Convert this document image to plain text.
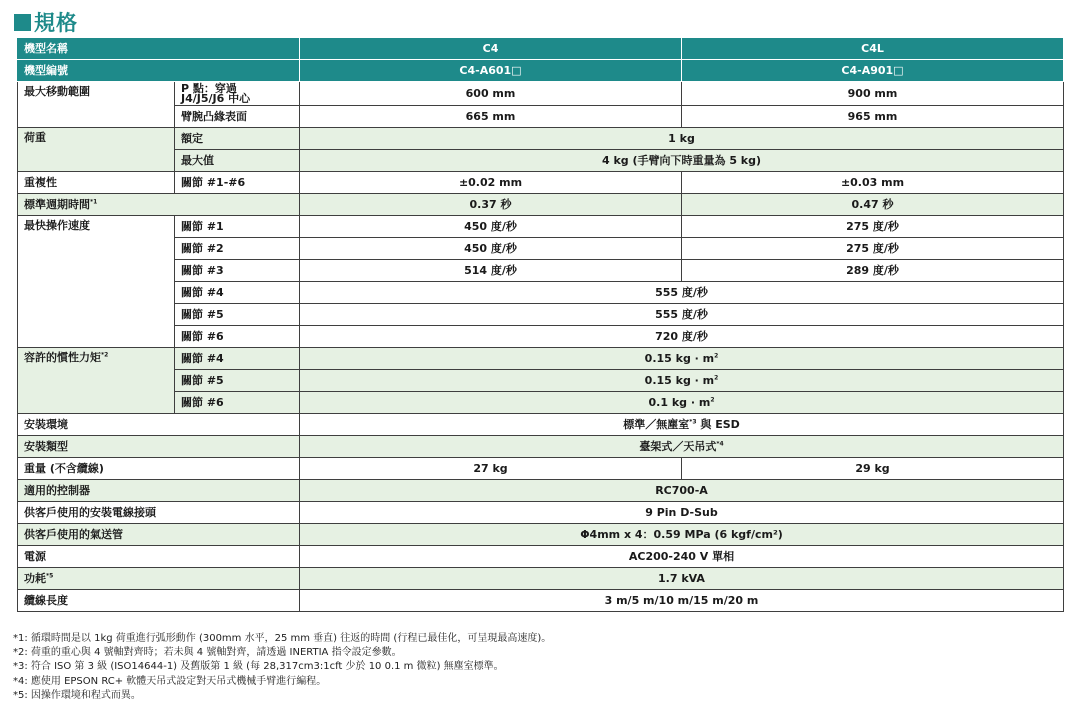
規格
機型名稱		C4	C4L
機型編號		C4-A601□	C4-A901□
最大移動範圍	P 點：穿過
J4/J5/J6 中心	600 mm	900 mm
	臂腕凸緣表面	665 mm	965 mm
荷重	額定	1 kg	
	最大值	4 kg (手臂向下時重量為 5 kg)	
重複性	關節 #1-#6	±0.02 mm	±0.03 mm
標準週期時間$^{*1}$		0.37 秒	0.47 秒
最快操作速度	關節 #1	450 度/秒	275 度/秒
	關節 #2	450 度/秒	275 度/秒
	關節 #3	514 度/秒	289 度/秒
	關節 #4	555 度/秒	
	關節 #5	555 度/秒	
	關節 #6	720 度/秒	
容許的慣性力矩$^{*2}$	關節 #4	0.15 kg · $m^2$
	關節 #5	0.15 kg · $m^2$
	關節 #6	0.1 kg · $m^2$
安裝環境		標準／無塵室$^{*3}$ 與 ESD	
安裝類型		臺架式／天吊式$^{*4}$
重量 (不含纜線)		27 kg	29 kg
適用的控制器		RC700-A	
供客戶使用的安裝電線接頭		9 Pin D-Sub	
供客戶使用的氣送管		Φ4mm x 4：0.59 MPa (6 kgf/cm²)	
電源		AC200-240 V 單相	
功耗$^{*5}$		1.7 kVA	
纜線長度		3 m/5 m/10 m/15 m/20 m	
*1: 循環時間是以 1kg 荷重進行弧形動作 (300mm 水平，25 mm 垂直) 往返的時間 (行程已最佳化，可呈現最高速度)。
*2: 荷重的重心與 4 號軸對齊時；若未與 4 號軸對齊，請透過 INERTIA 指令設定參數。
*3: 符合 ISO 第 3 級 (ISO14644-1) 及舊版第 1 級 (每 28,317cm3:1cft 少於 10 0.1 m 微粒) 無塵室標準。
*4: 應使用 EPSON RC+ 軟體天吊式設定對天吊式機械手臂進行編程。
*5: 因操作環境和程式而異。
